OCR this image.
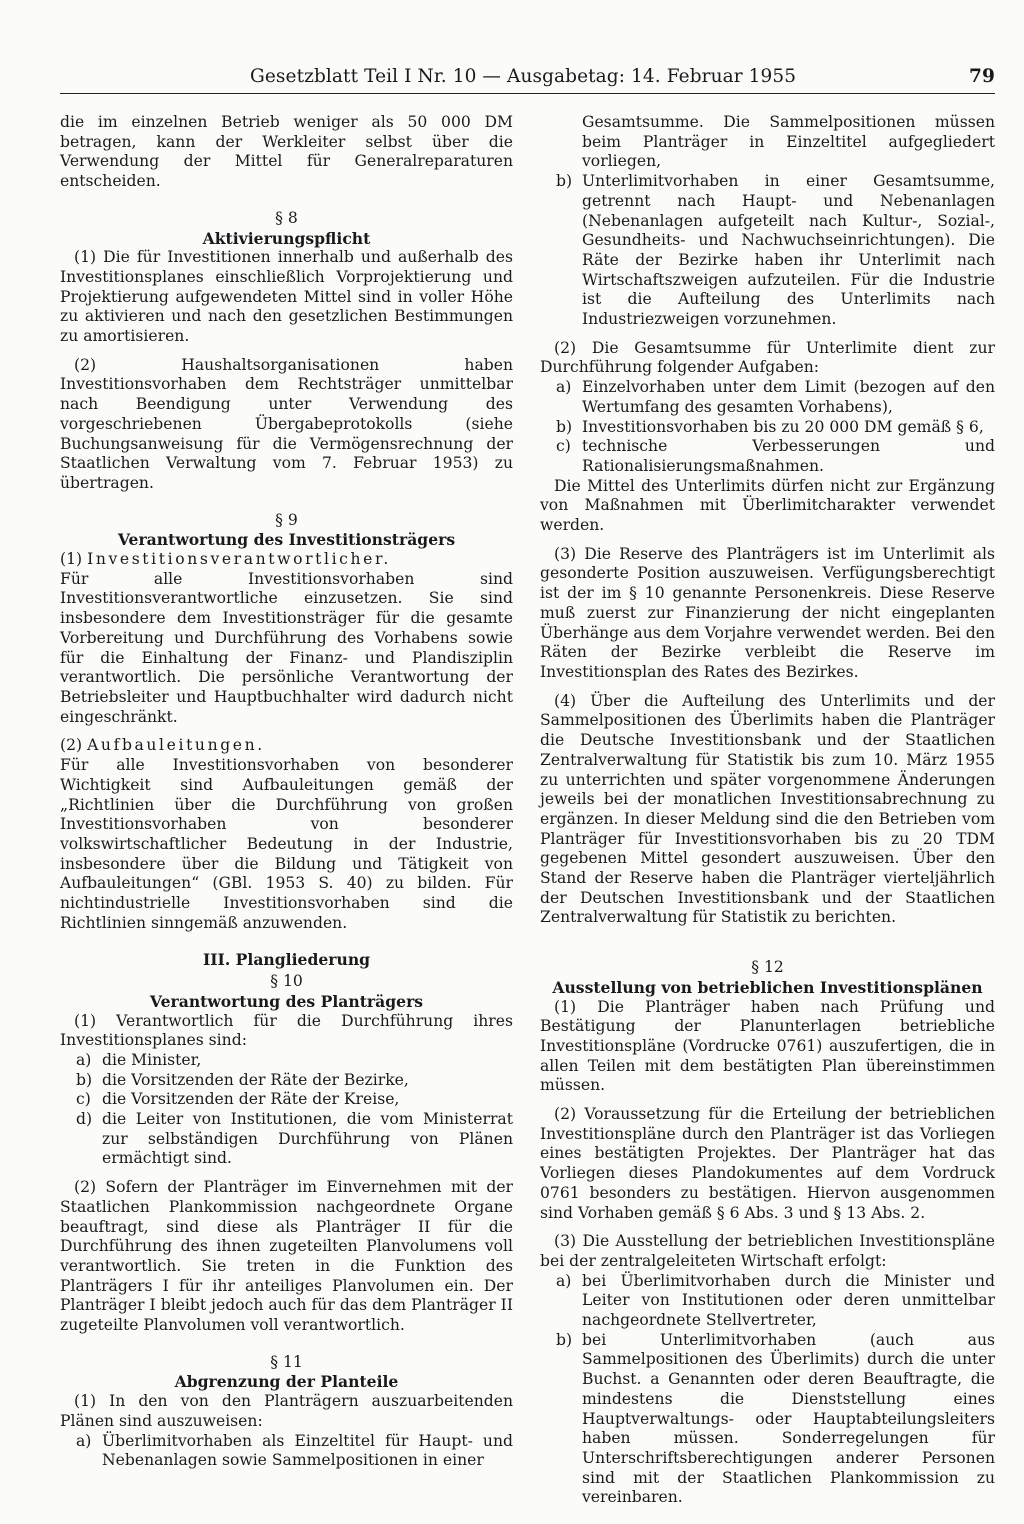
Gesetzblatt Teil I Nr. 10 — Ausgabetag: 14. Februar 1955	79

die im einzelnen Betrieb weniger als 50 000 DM betragen, kann der Werkleiter selbst über die Verwendung der Mittel für Generalreparaturen entscheiden.

§ 8

Aktivierungspflicht

(1) Die für Investitionen innerhalb und außerhalb des Investitionsplanes einschließlich Vorprojektierung und Projektierung aufgewendeten Mittel sind in voller Höhe zu aktivieren und nach den gesetzlichen Bestimmungen zu amortisieren.

(2) Haushaltsorganisationen haben Investitionsvorhaben dem Rechtsträger unmittelbar nach Beendigung unter Verwendung des vorgeschriebenen Übergabeprotokolls (siehe Buchungsanweisung für die Vermögensrechnung der Staatlichen Verwaltung vom 7. Februar 1953) zu übertragen.

§ 9

Verantwortung des Investitionsträgers

(1) Investitionsverantwortlicher.

Für alle Investitionsvorhaben sind Investitionsverantwortliche einzusetzen. Sie sind insbesondere dem Investitionsträger für die gesamte Vorbereitung und Durchführung des Vorhabens sowie für die Einhaltung der Finanz- und Plandisziplin verantwortlich. Die persönliche Verantwortung der Betriebsleiter und Hauptbuchhalter wird dadurch nicht eingeschränkt.

(2) Aufbauleitungen.

Für alle Investitionsvorhaben von besonderer Wichtigkeit sind Aufbauleitungen gemäß der „Richtlinien über die Durchführung von großen Investitionsvorhaben von besonderer volkswirtschaftlicher Bedeutung in der Industrie, insbesondere über die Bildung und Tätigkeit von Aufbauleitungen“ (GBl. 1953 S. 40) zu bilden. Für nichtindustrielle Investitionsvorhaben sind die Richtlinien sinngemäß anzuwenden.

III. Plangliederung

§ 10

Verantwortung des Planträgers

(1) Verantwortlich für die Durchführung ihres Investitionsplanes sind:

a) die Minister,
b) die Vorsitzenden der Räte der Bezirke,
c) die Vorsitzenden der Räte der Kreise,
d) die Leiter von Institutionen, die vom Ministerrat zur selbständigen Durchführung von Plänen ermächtigt sind.

(2) Sofern der Planträger im Einvernehmen mit der Staatlichen Plankommission nachgeordnete Organe beauftragt, sind diese als Planträger II für die Durchführung des ihnen zugeteilten Planvolumens voll verantwortlich. Sie treten in die Funktion des Planträgers I für ihr anteiliges Planvolumen ein. Der Planträger I bleibt jedoch auch für das dem Planträger II zugeteilte Planvolumen voll verantwortlich.

§ 11

Abgrenzung der Planteile

(1) In den von den Planträgern auszuarbeitenden Plänen sind auszuweisen:

a) Überlimitvorhaben als Einzeltitel für Haupt- und Nebenanlagen sowie Sammelpositionen in einer
Gesamtsumme. Die Sammelpositionen müssen beim Planträger in Einzeltitel aufgegliedert vorliegen,
b) Unterlimitvorhaben in einer Gesamtsumme, getrennt nach Haupt- und Nebenanlagen (Nebenanlagen aufgeteilt nach Kultur-, Sozial-, Gesundheits- und Nachwuchseinrichtungen). Die Räte der Bezirke haben ihr Unterlimit nach Wirtschaftszweigen aufzuteilen. Für die Industrie ist die Aufteilung des Unterlimits nach Industriezweigen vorzunehmen.

(2) Die Gesamtsumme für Unterlimite dient zur Durchführung folgender Aufgaben:

a) Einzelvorhaben unter dem Limit (bezogen auf den Wertumfang des gesamten Vorhabens),
b) Investitionsvorhaben bis zu 20 000 DM gemäß § 6,
c) technische Verbesserungen und Rationalisierungsmaßnahmen.

Die Mittel des Unterlimits dürfen nicht zur Ergänzung von Maßnahmen mit Überlimitcharakter verwendet werden.

(3) Die Reserve des Planträgers ist im Unterlimit als gesonderte Position auszuweisen. Verfügungsberechtigt ist der im § 10 genannte Personenkreis. Diese Reserve muß zuerst zur Finanzierung der nicht eingeplanten Überhänge aus dem Vorjahre verwendet werden. Bei den Räten der Bezirke verbleibt die Reserve im Investitionsplan des Rates des Bezirkes.

(4) Über die Aufteilung des Unterlimits und der Sammelpositionen des Überlimits haben die Planträger die Deutsche Investitionsbank und der Staatlichen Zentralverwaltung für Statistik bis zum 10. März 1955 zu unterrichten und später vorgenommene Änderungen jeweils bei der monatlichen Investitionsabrechnung zu ergänzen. In dieser Meldung sind die den Betrieben vom Planträger für Investitionsvorhaben bis zu 20 TDM gegebenen Mittel gesondert auszuweisen. Über den Stand der Reserve haben die Planträger vierteljährlich der Deutschen Investitionsbank und der Staatlichen Zentralverwaltung für Statistik zu berichten.

§ 12

Ausstellung von betrieblichen Investitionsplänen

(1) Die Planträger haben nach Prüfung und Bestätigung der Planunterlagen betriebliche Investitionspläne (Vordrucke 0761) auszufertigen, die in allen Teilen mit dem bestätigten Plan übereinstimmen müssen.

(2) Voraussetzung für die Erteilung der betrieblichen Investitionspläne durch den Planträger ist das Vorliegen eines bestätigten Projektes. Der Planträger hat das Vorliegen dieses Plandokumentes auf dem Vordruck 0761 besonders zu bestätigen. Hiervon ausgenommen sind Vorhaben gemäß § 6 Abs. 3 und § 13 Abs. 2.

(3) Die Ausstellung der betrieblichen Investitionspläne bei der zentralgeleiteten Wirtschaft erfolgt:

a) bei Überlimitvorhaben durch die Minister und Leiter von Institutionen oder deren unmittelbar nachgeordnete Stellvertreter,
b) bei Unterlimitvorhaben (auch aus Sammelpositionen des Überlimits) durch die unter Buchst. a Genannten oder deren Beauftragte, die mindestens die Dienststellung eines Hauptverwaltungs- oder Hauptabteilungsleiters haben müssen. Sonderregelungen für Unterschriftsberechtigungen anderer Personen sind mit der Staatlichen Plankommission zu vereinbaren.
